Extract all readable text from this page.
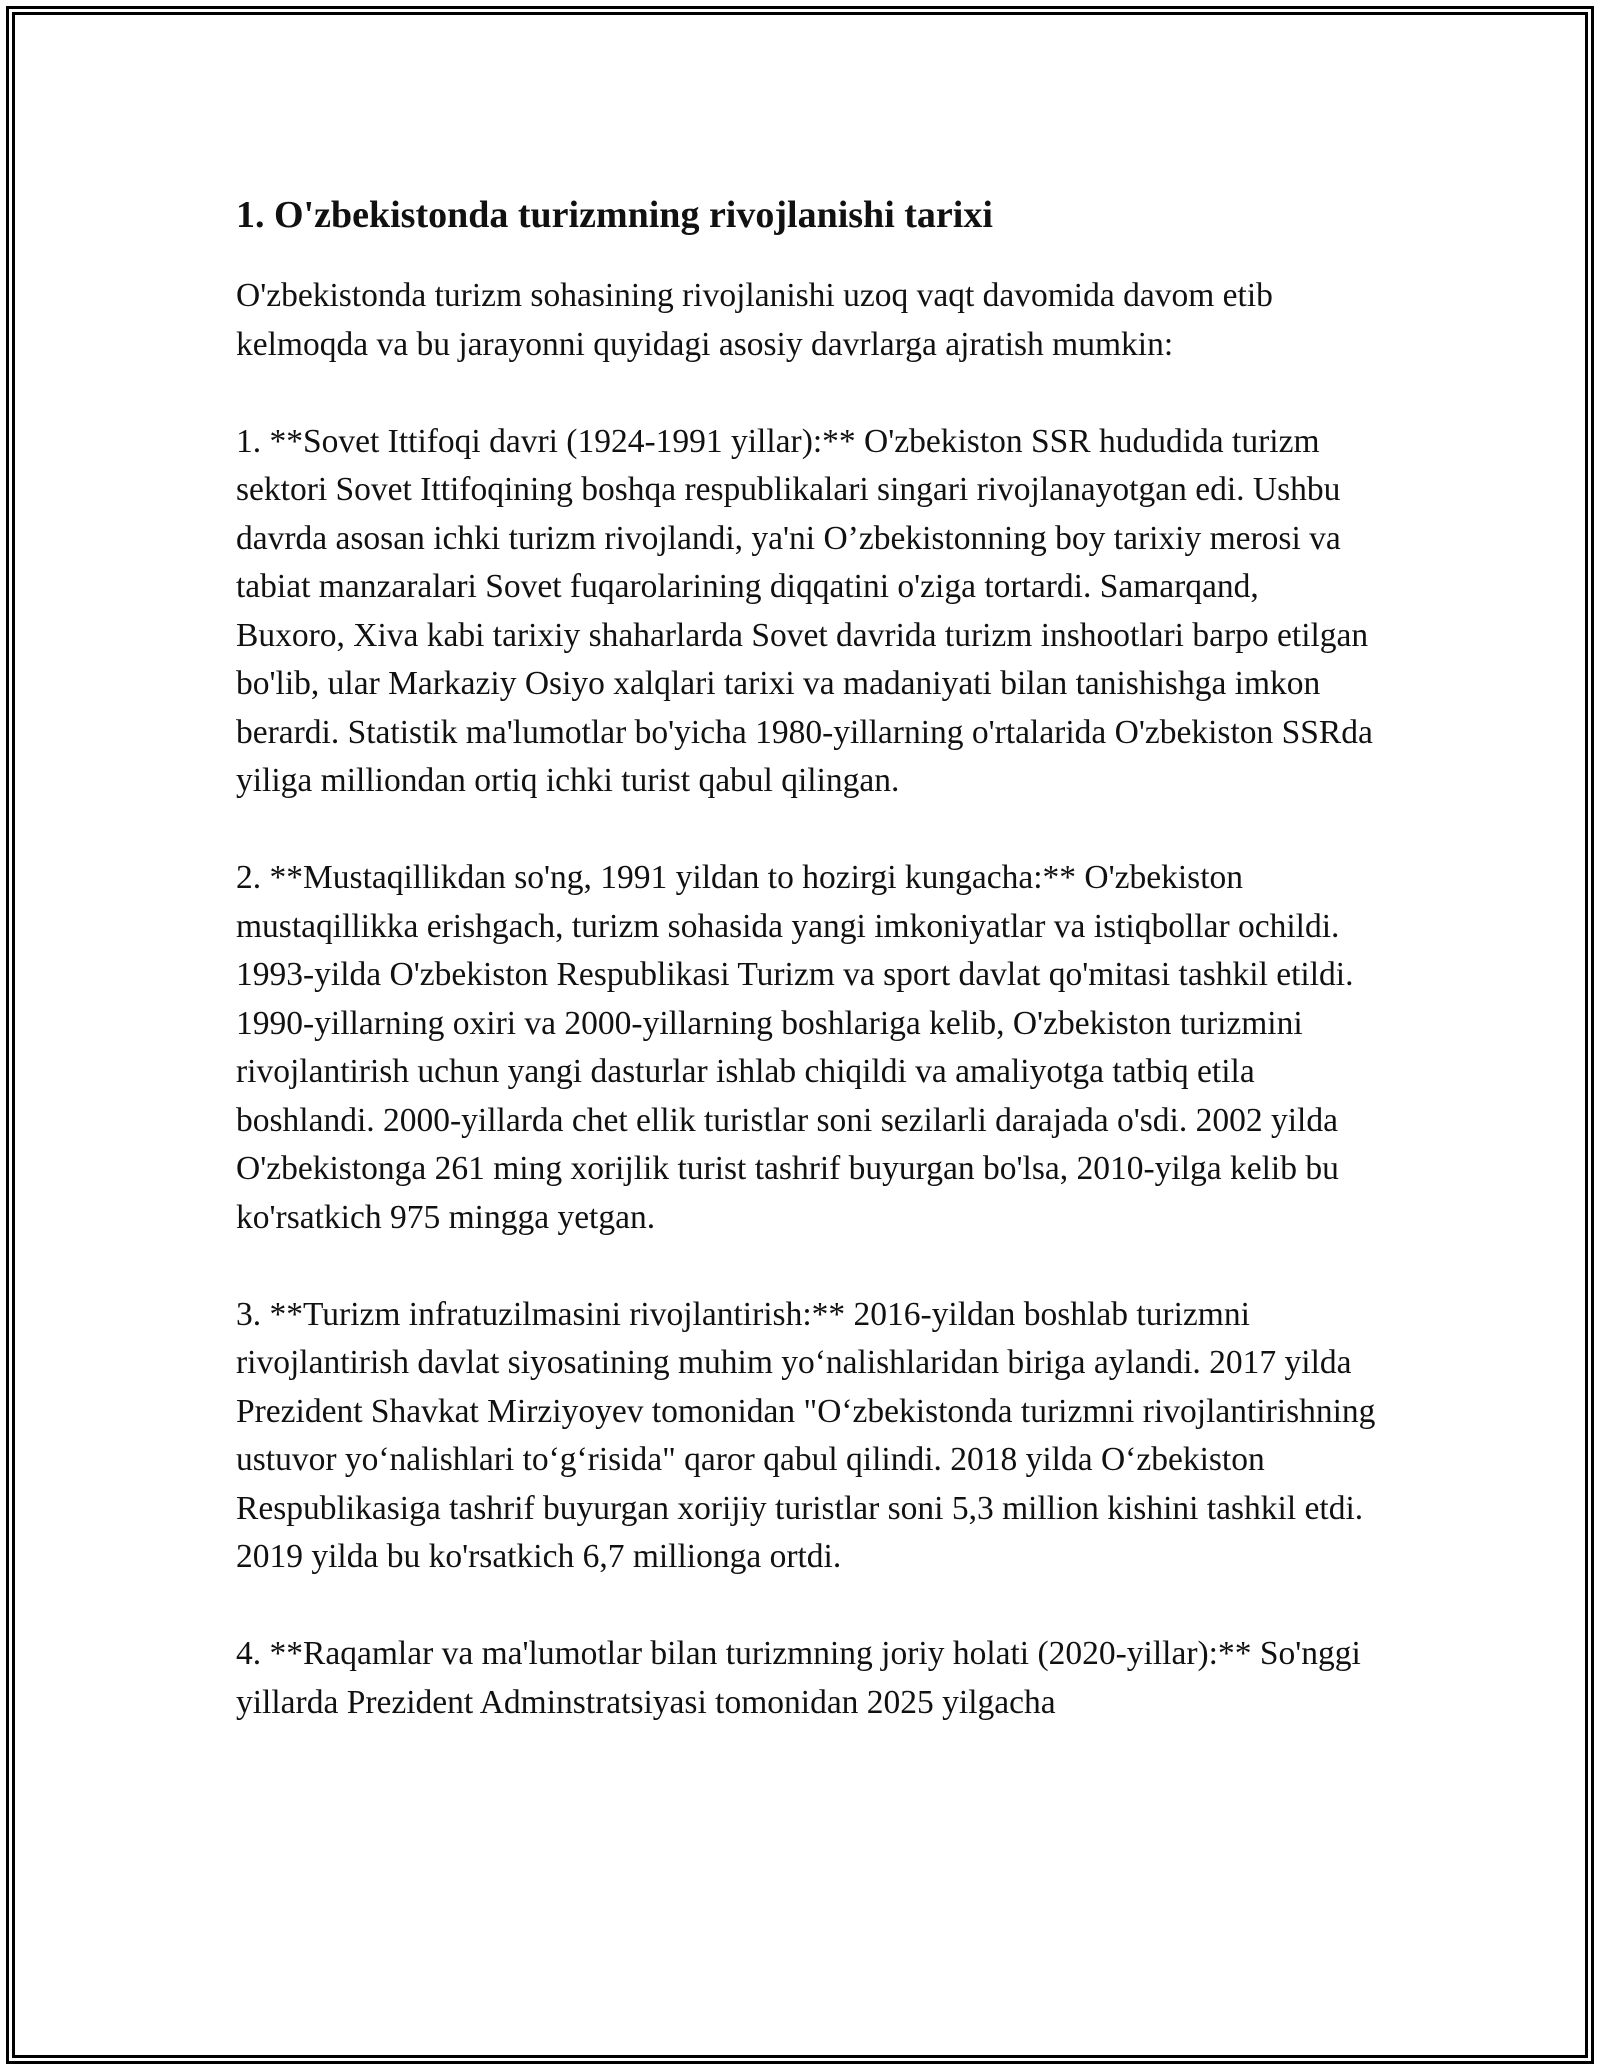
1. O'zbekistonda turizmning rivojlanishi tarixi

O'zbekistonda turizm sohasining rivojlanishi uzoq vaqt davomida davom etib kelmoqda va bu jarayonni quyidagi asosiy davrlarga ajratish mumkin:

1. **Sovet Ittifoqi davri (1924-1991 yillar):** O'zbekiston SSR hududida turizm sektori Sovet Ittifoqining boshqa respublikalari singari rivojlanayotgan edi. Ushbu davrda asosan ichki turizm rivojlandi, ya'ni O’zbekistonning boy tarixiy merosi va tabiat manzaralari Sovet fuqarolarining diqqatini o'ziga tortardi. Samarqand, Buxoro, Xiva kabi tarixiy shaharlarda Sovet davrida turizm inshootlari barpo etilgan bo'lib, ular Markaziy Osiyo xalqlari tarixi va madaniyati bilan tanishishga imkon berardi. Statistik ma'lumotlar bo'yicha 1980-yillarning o'rtalarida O'zbekiston SSRda yiliga milliondan ortiq ichki turist qabul qilingan.

2. **Mustaqillikdan so'ng, 1991 yildan to hozirgi kungacha:** O'zbekiston mustaqillikka erishgach, turizm sohasida yangi imkoniyatlar va istiqbollar ochildi. 1993-yilda O'zbekiston Respublikasi Turizm va sport davlat qo'mitasi tashkil etildi. 1990-yillarning oxiri va 2000-yillarning boshlariga kelib, O'zbekiston turizmini rivojlantirish uchun yangi dasturlar ishlab chiqildi va amaliyotga tatbiq etila boshlandi. 2000-yillarda chet ellik turistlar soni sezilarli darajada o'sdi. 2002 yilda O'zbekistonga 261 ming xorijlik turist tashrif buyurgan bo'lsa, 2010-yilga kelib bu ko'rsatkich 975 mingga yetgan.

3. **Turizm infratuzilmasini rivojlantirish:** 2016-yildan boshlab turizmni rivojlantirish davlat siyosatining muhim yo‘nalishlaridan biriga aylandi. 2017 yilda Prezident Shavkat Mirziyoyev tomonidan "O‘zbekistonda turizmni rivojlantirishning ustuvor yo‘nalishlari to‘g‘risida" qaror qabul qilindi. 2018 yilda O‘zbekiston Respublikasiga tashrif buyurgan xorijiy turistlar soni 5,3 million kishini tashkil etdi. 2019 yilda bu ko'rsatkich 6,7 millionga ortdi.

4. **Raqamlar va ma'lumotlar bilan turizmning joriy holati (2020-yillar):** So'nggi yillarda Prezident Adminstratsiyasi tomonidan 2025 yilgacha
